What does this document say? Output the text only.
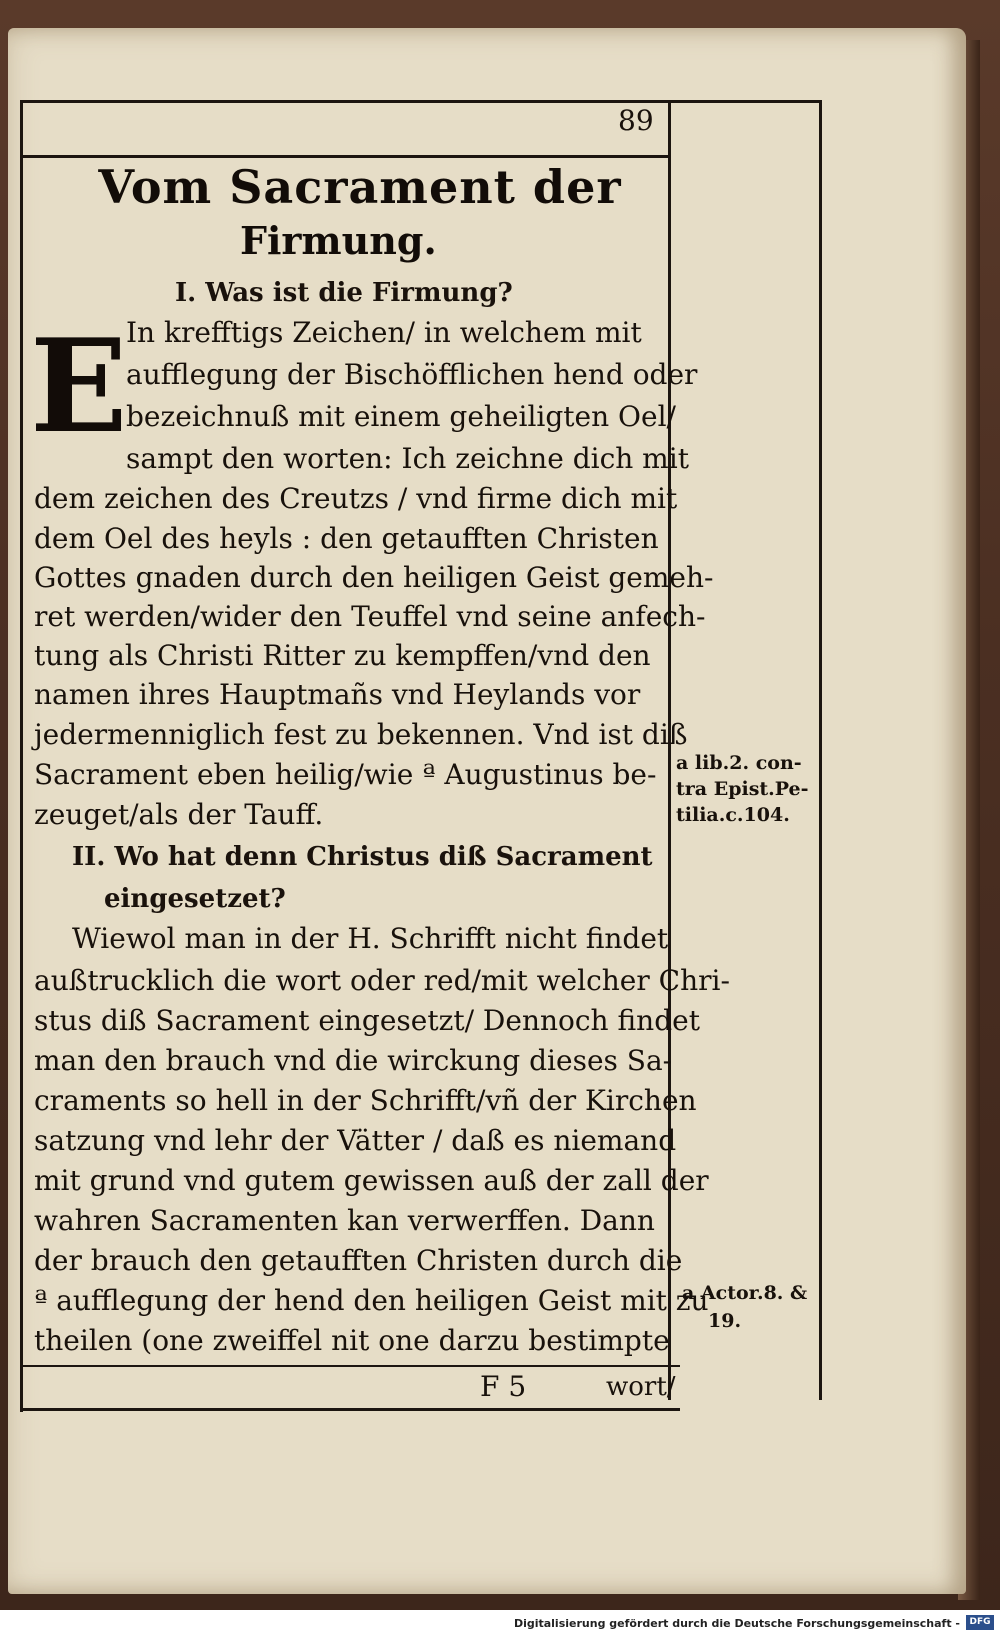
89
Vom Sacrament der
Firmung.
I. Was ist die Firmung?
E
In krefftigs Zeichen/ in welchem mit
aufflegung der Bischöfflichen hend oder
bezeichnuß mit einem geheiligten Oel/
sampt den worten: Ich zeichne dich mit
dem zeichen des Creutzs / vnd firme dich mit
dem Oel des heyls : den getaufften Christen
Gottes gnaden durch den heiligen Geist gemeh-
ret werden/wider den Teuffel vnd seine anfech-
tung als Christi Ritter zu kempffen/vnd den
namen ihres Hauptmañs vnd Heylands vor
jedermenniglich fest zu bekennen. Vnd ist diß
Sacrament eben heilig/wie ª Augustinus be-
zeuget/als der Tauff.
II. Wo hat denn Christus diß Sacrament
eingesetzet?
Wiewol man in der H. Schrifft nicht findet
außtrucklich die wort oder red/mit welcher Chri-
stus diß Sacrament eingesetzt/ Dennoch findet
man den brauch vnd die wirckung dieses Sa-
craments so hell in der Schrifft/vñ der Kirchen
satzung vnd lehr der Vätter / daß es niemand
mit grund vnd gutem gewissen auß der zall der
wahren Sacramenten kan verwerffen. Dann
der brauch den getaufften Christen durch die
ª aufflegung der hend den heiligen Geist mit zu
theilen (one zweiffel nit one darzu bestimpte
a lib.2. con-
tra Epist.Pe-
tilia.c.104.
a Actor.8. &
19.
F 5	wort/
Digitalisierung gefördert durch die Deutsche Forschungsgemeinschaft -	DFG
